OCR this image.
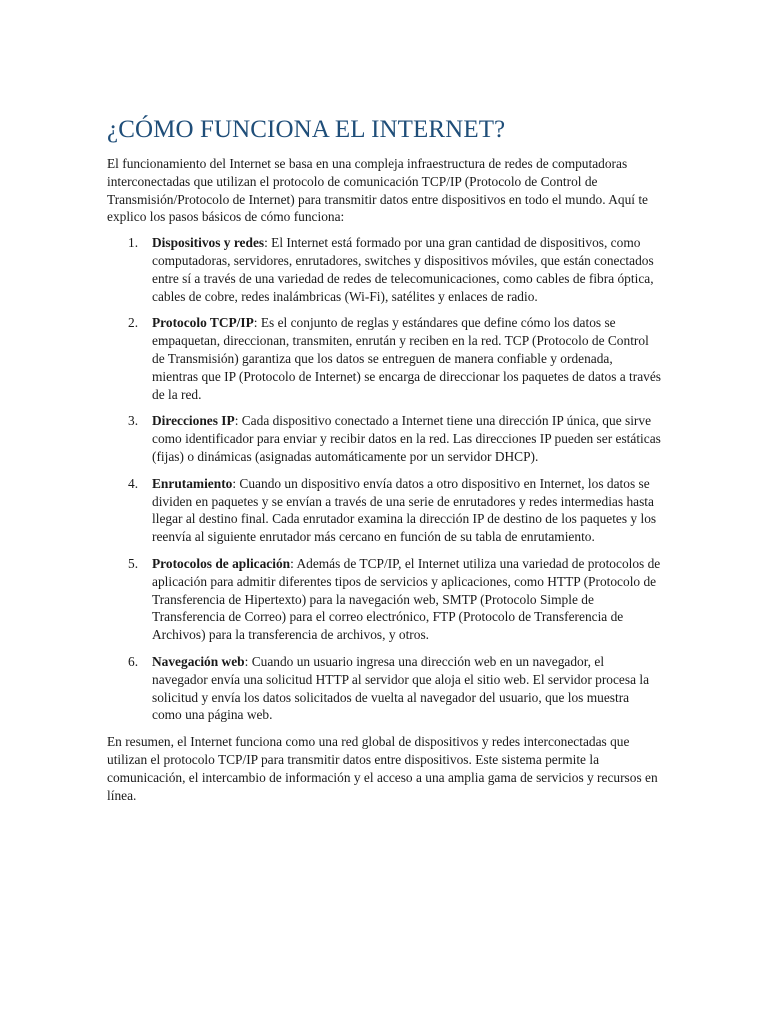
¿CÓMO FUNCIONA EL INTERNET?

El funcionamiento del Internet se basa en una compleja infraestructura de redes de computadoras interconectadas que utilizan el protocolo de comunicación TCP/IP (Protocolo de Control de Transmisión/Protocolo de Internet) para transmitir datos entre dispositivos en todo el mundo. Aquí te explico los pasos básicos de cómo funciona:

1. Dispositivos y redes: El Internet está formado por una gran cantidad de dispositivos, como computadoras, servidores, enrutadores, switches y dispositivos móviles, que están conectados entre sí a través de una variedad de redes de telecomunicaciones, como cables de fibra óptica, cables de cobre, redes inalámbricas (Wi-Fi), satélites y enlaces de radio.
2. Protocolo TCP/IP: Es el conjunto de reglas y estándares que define cómo los datos se empaquetan, direccionan, transmiten, enrután y reciben en la red. TCP (Protocolo de Control de Transmisión) garantiza que los datos se entreguen de manera confiable y ordenada, mientras que IP (Protocolo de Internet) se encarga de direccionar los paquetes de datos a través de la red.
3. Direcciones IP: Cada dispositivo conectado a Internet tiene una dirección IP única, que sirve como identificador para enviar y recibir datos en la red. Las direcciones IP pueden ser estáticas (fijas) o dinámicas (asignadas automáticamente por un servidor DHCP).
4. Enrutamiento: Cuando un dispositivo envía datos a otro dispositivo en Internet, los datos se dividen en paquetes y se envían a través de una serie de enrutadores y redes intermedias hasta llegar al destino final. Cada enrutador examina la dirección IP de destino de los paquetes y los reenvía al siguiente enrutador más cercano en función de su tabla de enrutamiento.
5. Protocolos de aplicación: Además de TCP/IP, el Internet utiliza una variedad de protocolos de aplicación para admitir diferentes tipos de servicios y aplicaciones, como HTTP (Protocolo de Transferencia de Hipertexto) para la navegación web, SMTP (Protocolo Simple de Transferencia de Correo) para el correo electrónico, FTP (Protocolo de Transferencia de Archivos) para la transferencia de archivos, y otros.
6. Navegación web: Cuando un usuario ingresa una dirección web en un navegador, el navegador envía una solicitud HTTP al servidor que aloja el sitio web. El servidor procesa la solicitud y envía los datos solicitados de vuelta al navegador del usuario, que los muestra como una página web.

En resumen, el Internet funciona como una red global de dispositivos y redes interconectadas que utilizan el protocolo TCP/IP para transmitir datos entre dispositivos. Este sistema permite la comunicación, el intercambio de información y el acceso a una amplia gama de servicios y recursos en línea.
